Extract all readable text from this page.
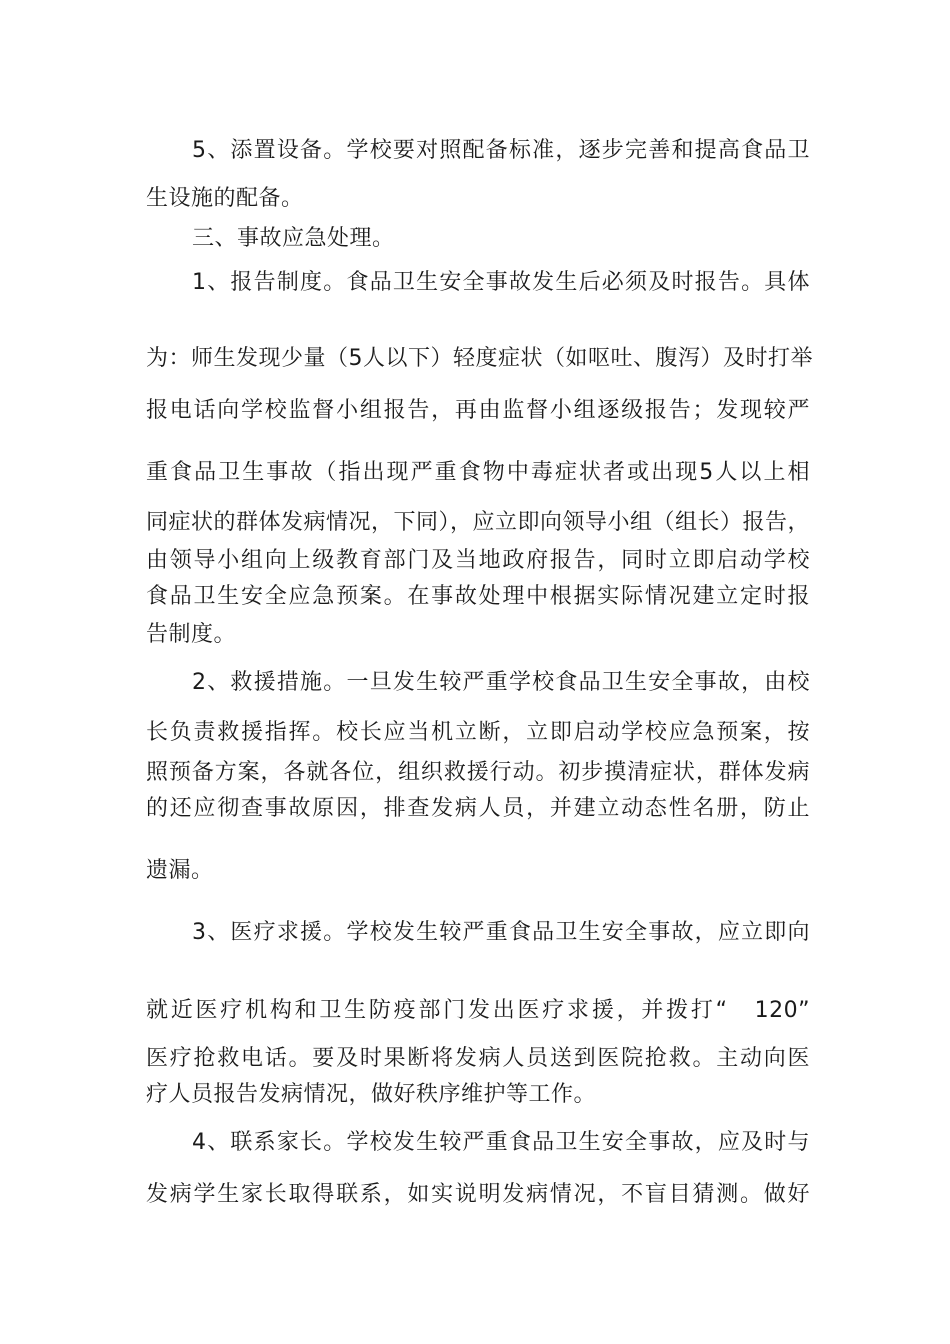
5、添置设备。学校要对照配备标准，逐步完善和提高食品卫
生设施的配备。
三、事故应急处理。
1、报告制度。食品卫生安全事故发生后必须及时报告。具体
为：师生发现少量（5人以下）轻度症状（如呕吐、腹泻）及时打举
报电话向学校监督小组报告，再由监督小组逐级报告；发现较严
重食品卫生事故（指出现严重食物中毒症状者或出现5人以上相
同症状的群体发病情况，下同），应立即向领导小组（组长）报告，
由领导小组向上级教育部门及当地政府报告，同时立即启动学校
食品卫生安全应急预案。在事故处理中根据实际情况建立定时报
告制度。
2、救援措施。一旦发生较严重学校食品卫生安全事故，由校
长负责救援指挥。校长应当机立断，立即启动学校应急预案，按
照预备方案，各就各位，组织救援行动。初步摸清症状，群体发病
的还应彻查事故原因，排查发病人员，并建立动态性名册，防止
遗漏。
3、医疗求援。学校发生较严重食品卫生安全事故，应立即向
就近医疗机构和卫生防疫部门发出医疗求援，并拨打“　120”
医疗抢救电话。要及时果断将发病人员送到医院抢救。主动向医
疗人员报告发病情况，做好秩序维护等工作。
4、联系家长。学校发生较严重食品卫生安全事故，应及时与
发病学生家长取得联系，如实说明发病情况，不盲目猜测。做好
